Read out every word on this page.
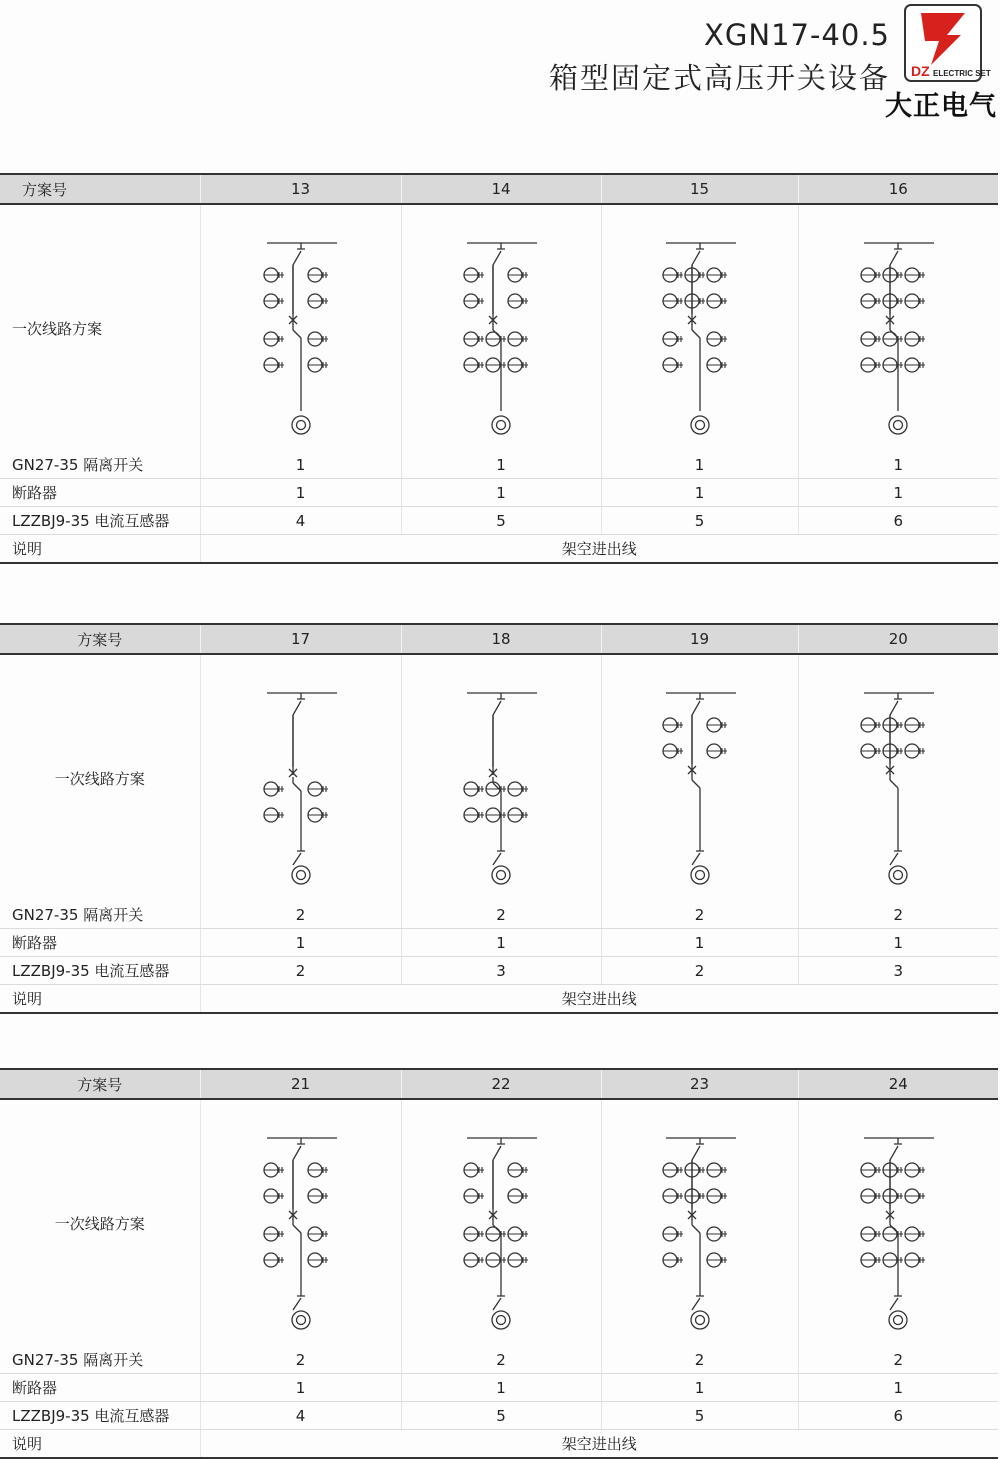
XGN17-40.5
箱型固定式高压开关设备 DZ ELECTRIC SET
大正电气
方案号	13	14	15	16
一次线路方案	

GN27-35 隔离开关	1	1	1	1
断路器	1	1	1	1
LZZBJ9-35 电流互感器	4	5	5	6
说明	架空进出线			
方案号	17	18	19	20
一次线路方案	

GN27-35 隔离开关	2	2	2	2
断路器	1	1	1	1
LZZBJ9-35 电流互感器	2	3	2	3
说明	架空进出线			
方案号	21	22	23	24
一次线路方案	

GN27-35 隔离开关	2	2	2	2
断路器	1	1	1	1
LZZBJ9-35 电流互感器	4	5	5	6
说明	架空进出线			
